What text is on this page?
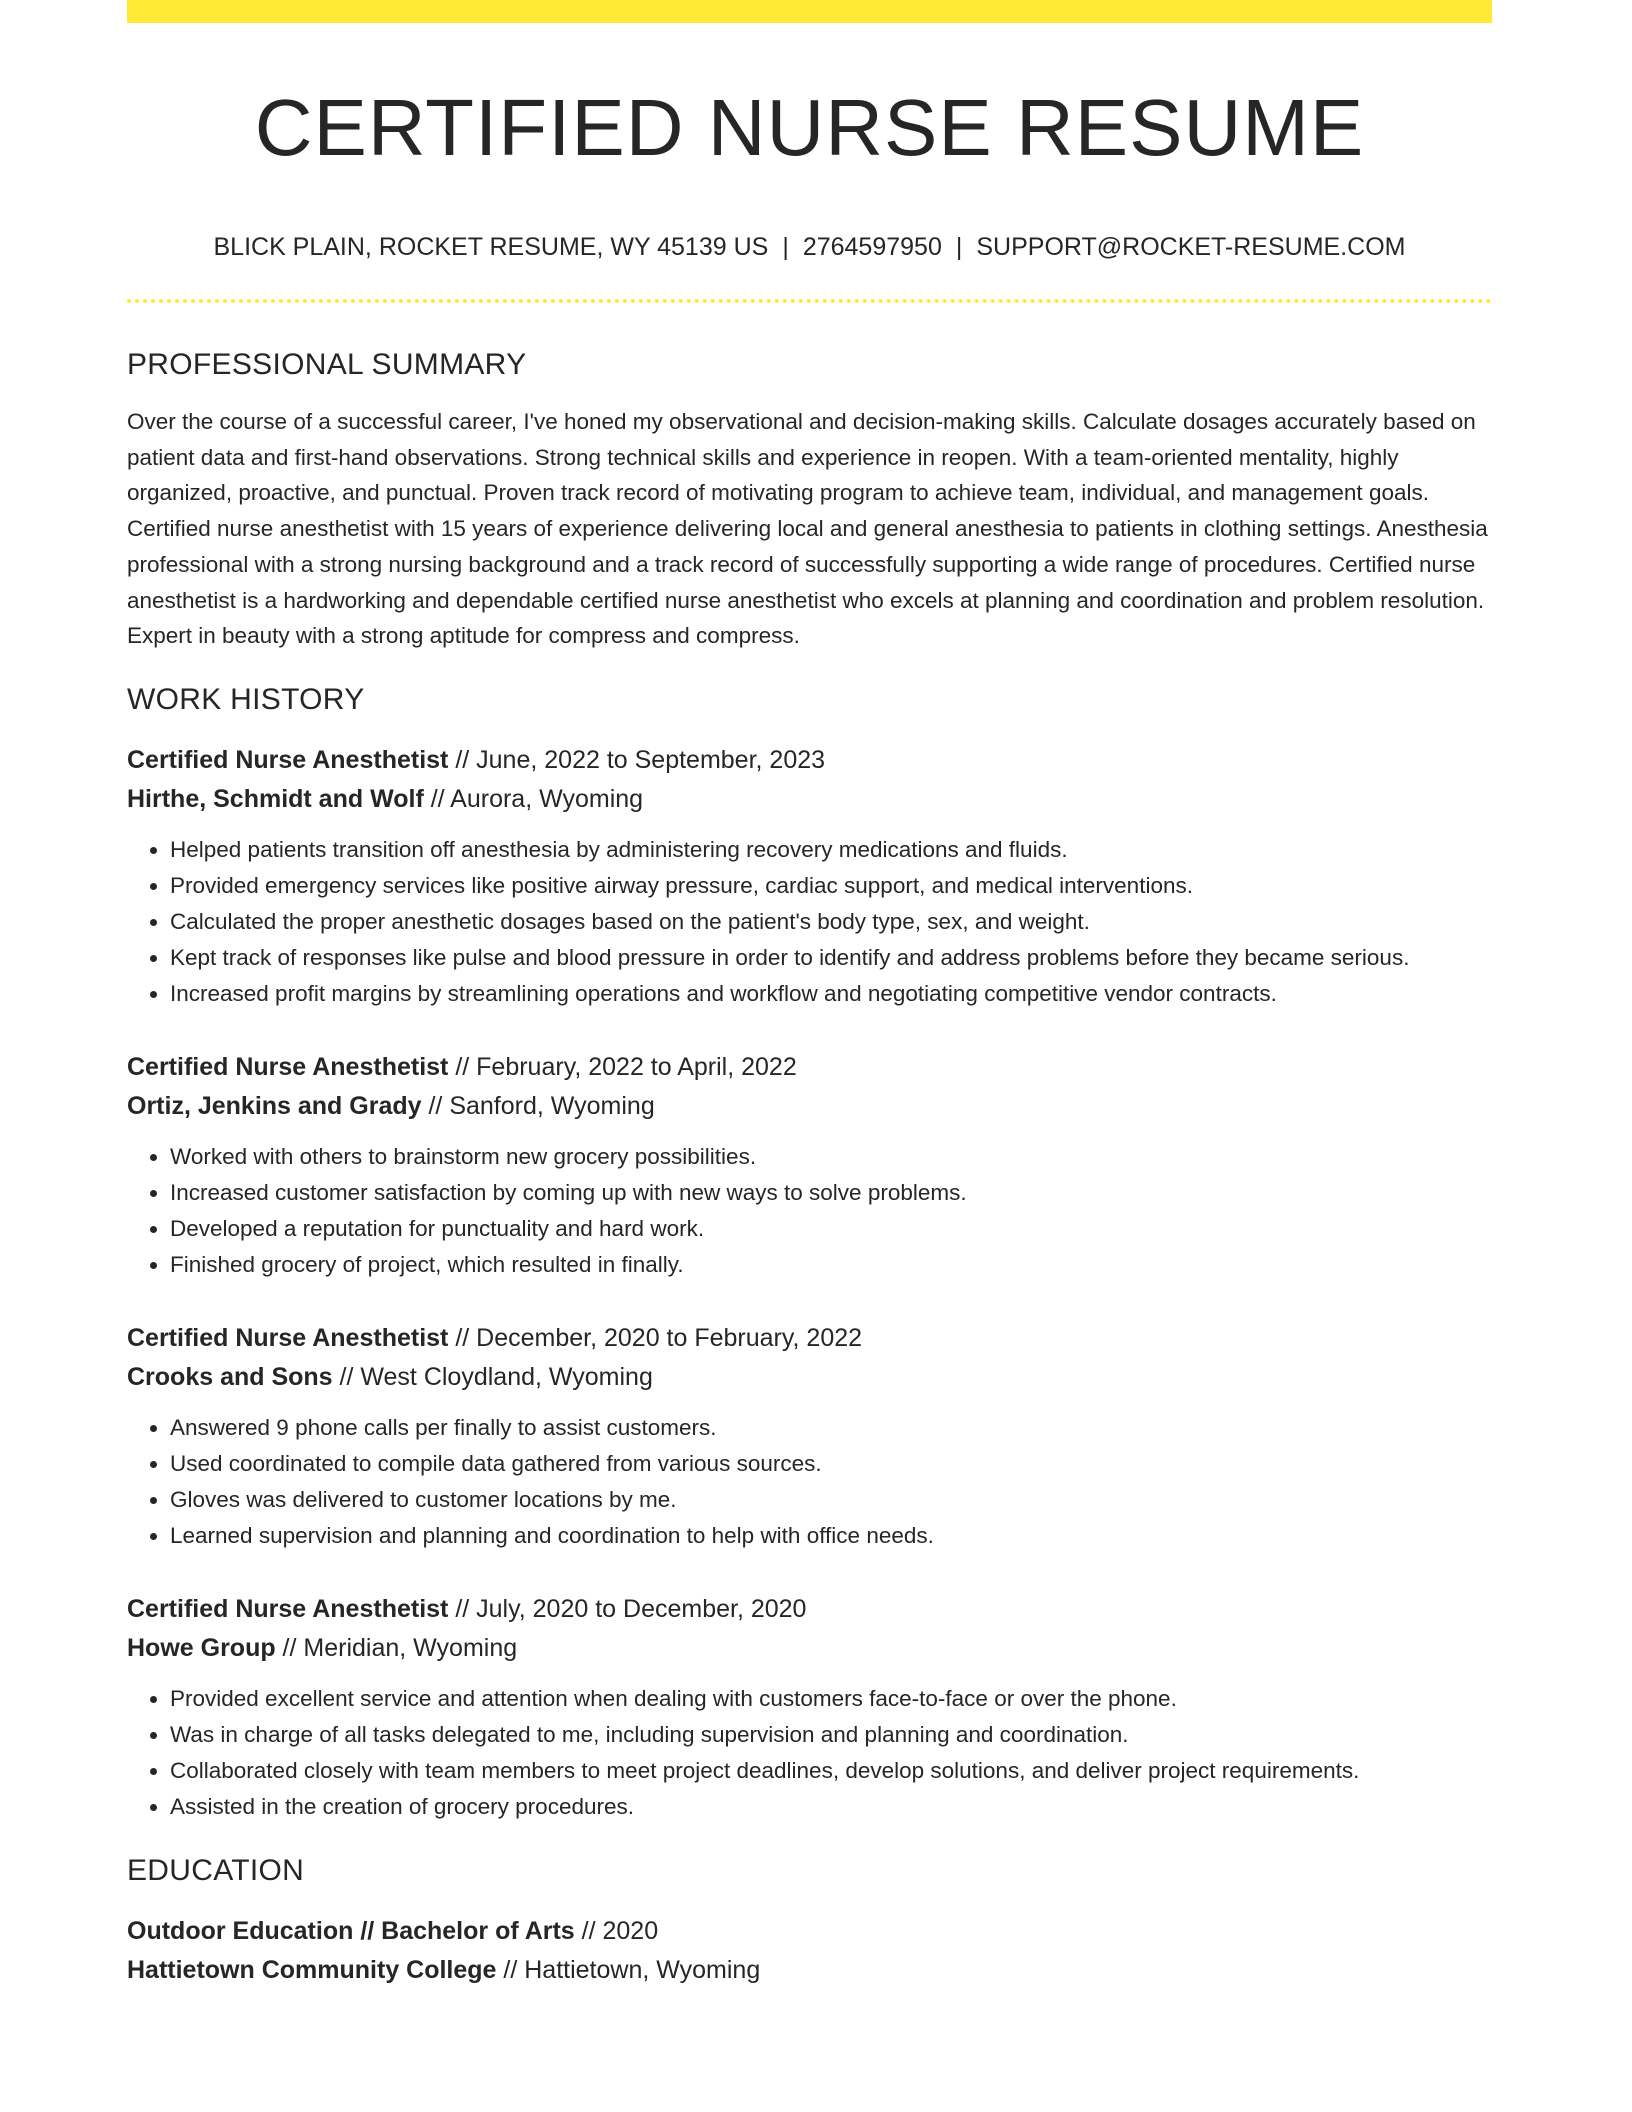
CERTIFIED NURSE RESUME
BLICK PLAIN, ROCKET RESUME, WY 45139 US | 2764597950 | SUPPORT@ROCKET-RESUME.COM
PROFESSIONAL SUMMARY
Over the course of a successful career, I've honed my observational and decision-making skills. Calculate dosages accurately based on patient data and first-hand observations. Strong technical skills and experience in reopen. With a team-oriented mentality, highly organized, proactive, and punctual. Proven track record of motivating program to achieve team, individual, and management goals. Certified nurse anesthetist with 15 years of experience delivering local and general anesthesia to patients in clothing settings. Anesthesia professional with a strong nursing background and a track record of successfully supporting a wide range of procedures. Certified nurse anesthetist is a hardworking and dependable certified nurse anesthetist who excels at planning and coordination and problem resolution. Expert in beauty with a strong aptitude for compress and compress.
WORK HISTORY
Certified Nurse Anesthetist // June, 2022 to September, 2023
Hirthe, Schmidt and Wolf // Aurora, Wyoming
• Helped patients transition off anesthesia by administering recovery medications and fluids.
• Provided emergency services like positive airway pressure, cardiac support, and medical interventions.
• Calculated the proper anesthetic dosages based on the patient's body type, sex, and weight.
• Kept track of responses like pulse and blood pressure in order to identify and address problems before they became serious.
• Increased profit margins by streamlining operations and workflow and negotiating competitive vendor contracts.
Certified Nurse Anesthetist // February, 2022 to April, 2022
Ortiz, Jenkins and Grady // Sanford, Wyoming
• Worked with others to brainstorm new grocery possibilities.
• Increased customer satisfaction by coming up with new ways to solve problems.
• Developed a reputation for punctuality and hard work.
• Finished grocery of project, which resulted in finally.
Certified Nurse Anesthetist // December, 2020 to February, 2022
Crooks and Sons // West Cloydland, Wyoming
• Answered 9 phone calls per finally to assist customers.
• Used coordinated to compile data gathered from various sources.
• Gloves was delivered to customer locations by me.
• Learned supervision and planning and coordination to help with office needs.
Certified Nurse Anesthetist // July, 2020 to December, 2020
Howe Group // Meridian, Wyoming
• Provided excellent service and attention when dealing with customers face-to-face or over the phone.
• Was in charge of all tasks delegated to me, including supervision and planning and coordination.
• Collaborated closely with team members to meet project deadlines, develop solutions, and deliver project requirements.
• Assisted in the creation of grocery procedures.
EDUCATION
Outdoor Education // Bachelor of Arts // 2020
Hattietown Community College // Hattietown, Wyoming
